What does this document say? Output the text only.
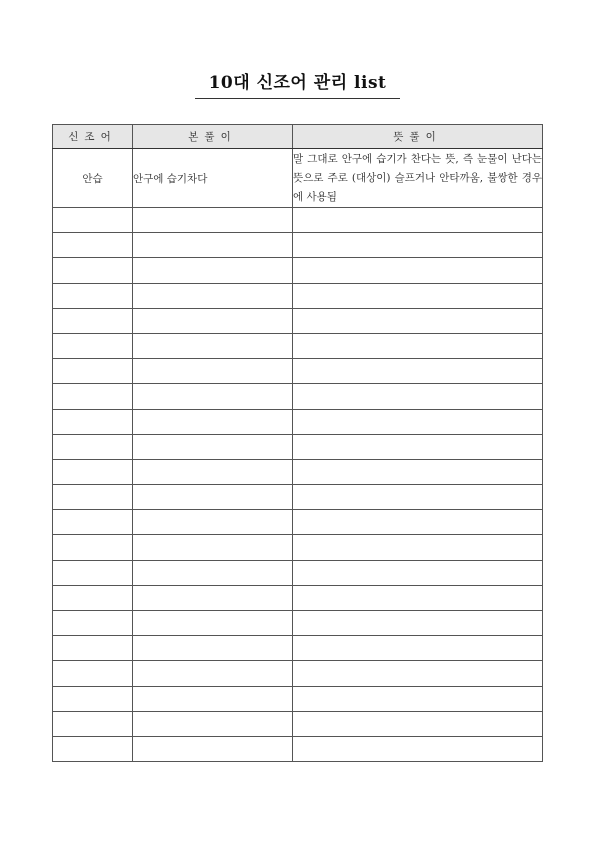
10대 신조어 관리 list
신조어	본풀이	뜻풀이
안습	안구에 습기차다	말 그대로 안구에 습기가 찬다는 뜻, 즉 눈물이 난다는 뜻으로 주로 (대상이) 슬프거나 안타까움, 불쌍한 경우에 사용됨
